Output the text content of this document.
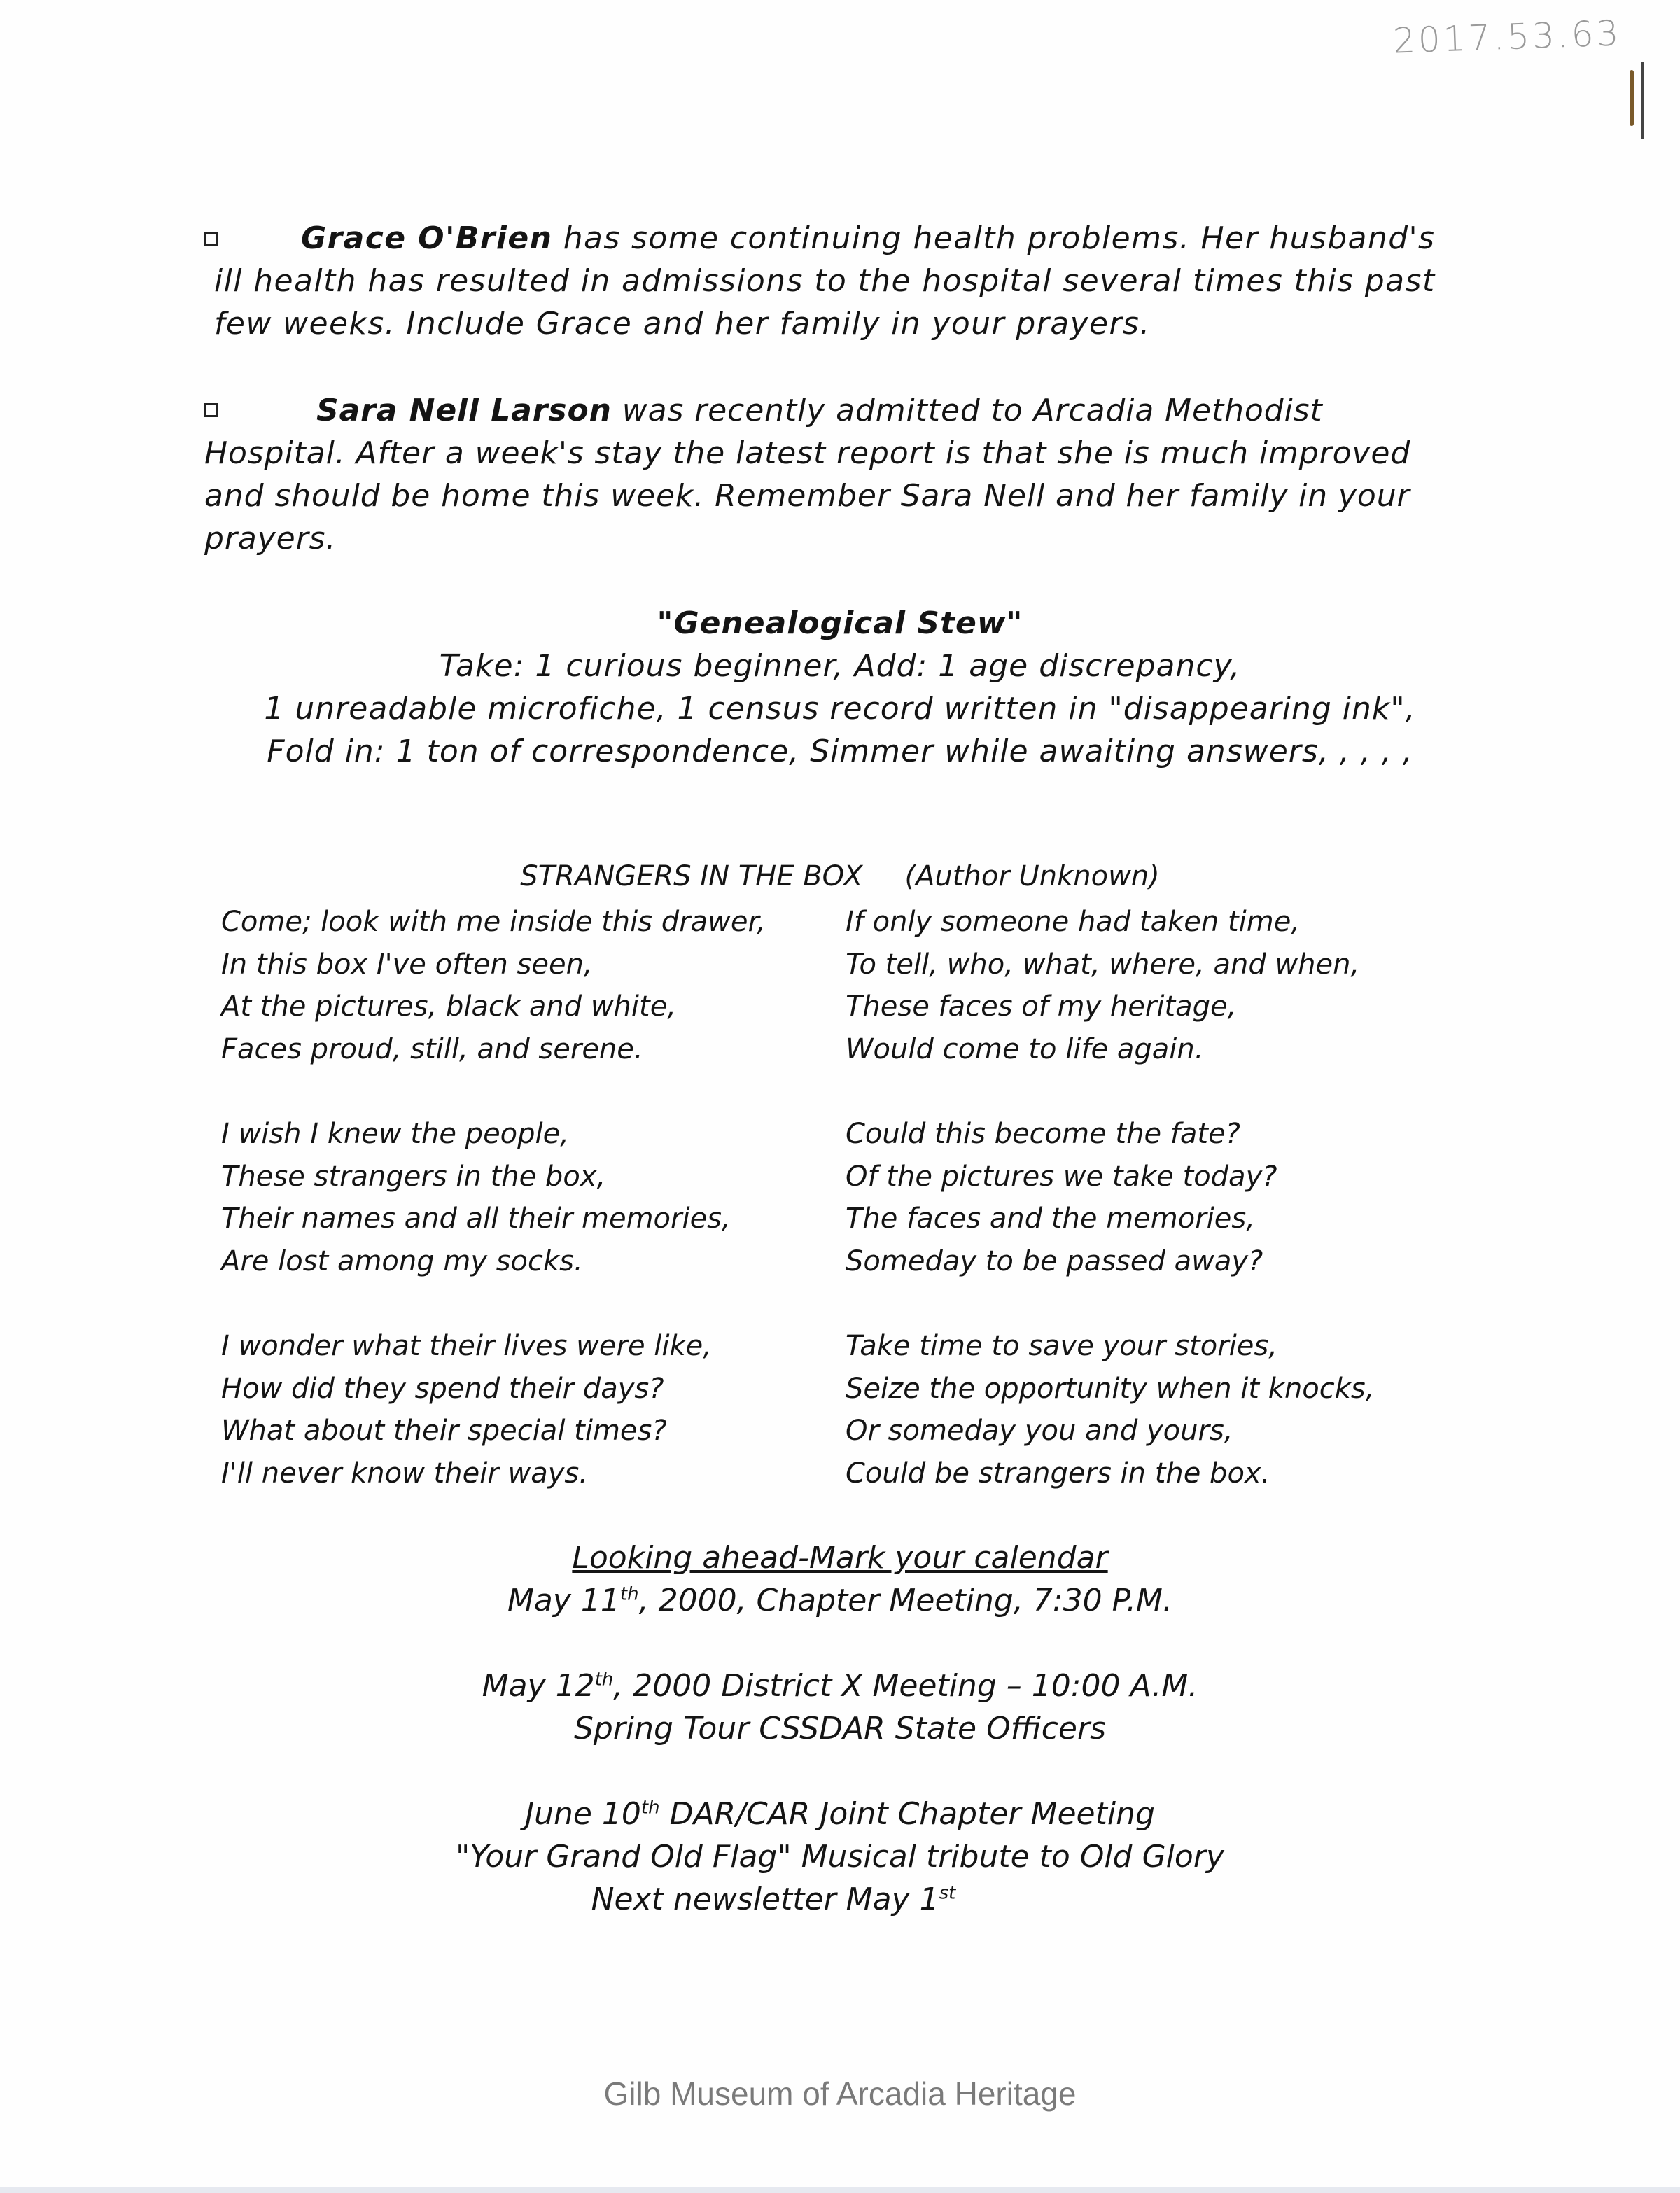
2017.53.63

Grace O'Brien has some continuing health problems. Her husband's ill health has resulted in admissions to the hospital several times this past few weeks. Include Grace and her family in your prayers.

Sara Nell Larson was recently admitted to Arcadia Methodist Hospital. After a week's stay the latest report is that she is much improved and should be home this week. Remember Sara Nell and her family in your prayers.

"Genealogical Stew"
Take: 1 curious beginner, Add: 1 age discrepancy,
1 unreadable microfiche, 1 census record written in "disappearing ink",
Fold in: 1 ton of correspondence, Simmer while awaiting answers, , , , ,
STRANGERS IN THE BOX (Author Unknown)
Come; look with me inside this drawer,
In this box I've often seen,
At the pictures, black and white,
Faces proud, still, and serene.
I wish I knew the people,
These strangers in the box,
Their names and all their memories,
Are lost among my socks.
I wonder what their lives were like,
How did they spend their days?
What about their special times?
I'll never know their ways.
If only someone had taken time,
To tell, who, what, where, and when,
These faces of my heritage,
Would come to life again.
Could this become the fate?
Of the pictures we take today?
The faces and the memories,
Someday to be passed away?
Take time to save your stories,
Seize the opportunity when it knocks,
Or someday you and yours,
Could be strangers in the box.
Looking ahead-Mark your calendar
May 11th, 2000, Chapter Meeting, 7:30 P.M.
May 12th, 2000 District X Meeting – 10:00 A.M.
Spring Tour CSSDAR State Officers
June 10th DAR/CAR Joint Chapter Meeting
"Your Grand Old Flag" Musical tribute to Old Glory
Next newsletter May 1st
Gilb Museum of Arcadia Heritage
